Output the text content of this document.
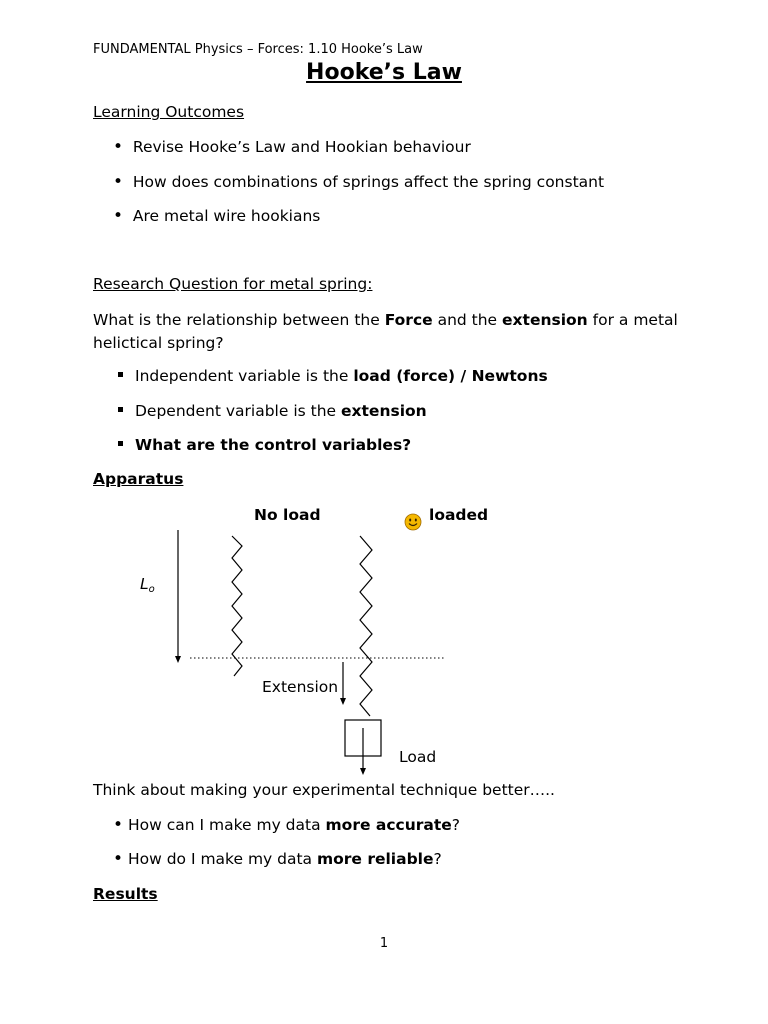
FUNDAMENTAL Physics – Forces: 1.10 Hooke’s Law
Hooke’s Law
Learning Outcomes
• Revise Hooke’s Law and Hookian behaviour
•  How does combinations of springs affect the spring constant
• Are metal wire hookians
Research Question for metal spring:
What is the relationship between the Force and the extension for a metal helictical spring?
Independent variable is the load (force) / Newtons
Dependent variable is the extension
What are the control variables?
Apparatus
No load	loaded
Lo
Extension
Load
Think about making your experimental technique better…..
• How can I make my data more accurate?
• How do I make my data more reliable?
Results
1
